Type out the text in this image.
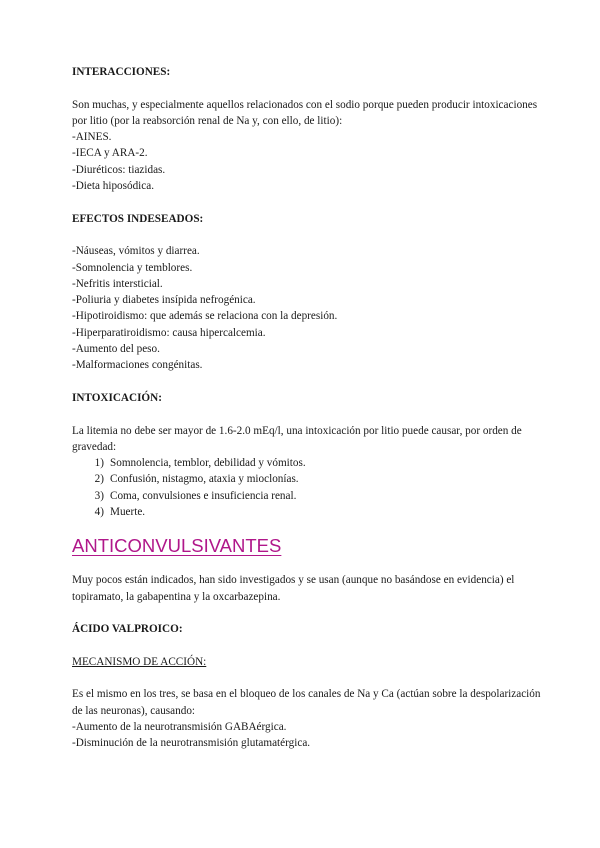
INTERACCIONES:

Son muchas, y especialmente aquellos relacionados con el sodio porque pueden producir intoxicaciones por litio (por la reabsorción renal de Na y, con ello, de litio):

-AINES.
-IECA y ARA-2.
-Diuréticos: tiazidas.
-Dieta hiposódica.

EFECTOS INDESEADOS:

-Náuseas, vómitos y diarrea.
-Somnolencia y temblores.
-Nefritis intersticial.
-Poliuria y diabetes insípida nefrogénica.
-Hipotiroidismo: que además se relaciona con la depresión.
-Hiperparatiroidismo: causa hipercalcemia.
-Aumento del peso.
-Malformaciones congénitas.

INTOXICACIÓN:

La litemia no debe ser mayor de 1.6-2.0 mEq/l, una intoxicación por litio puede causar, por orden de gravedad:

1) Somnolencia, temblor, debilidad y vómitos.
2) Confusión, nistagmo, ataxia y mioclonías.
3) Coma, convulsiones e insuficiencia renal.
4) Muerte.
ANTICONVULSIVANTES

Muy pocos están indicados, han sido investigados y se usan (aunque no basándose en evidencia) el topiramato, la gabapentina y la oxcarbazepina.

ÁCIDO VALPROICO:

MECANISMO DE ACCIÓN:

Es el mismo en los tres, se basa en el bloqueo de los canales de Na y Ca (actúan sobre la despolarización de las neuronas), causando:

-Aumento de la neurotransmisión GABAérgica.
-Disminución de la neurotransmisión glutamatérgica.
